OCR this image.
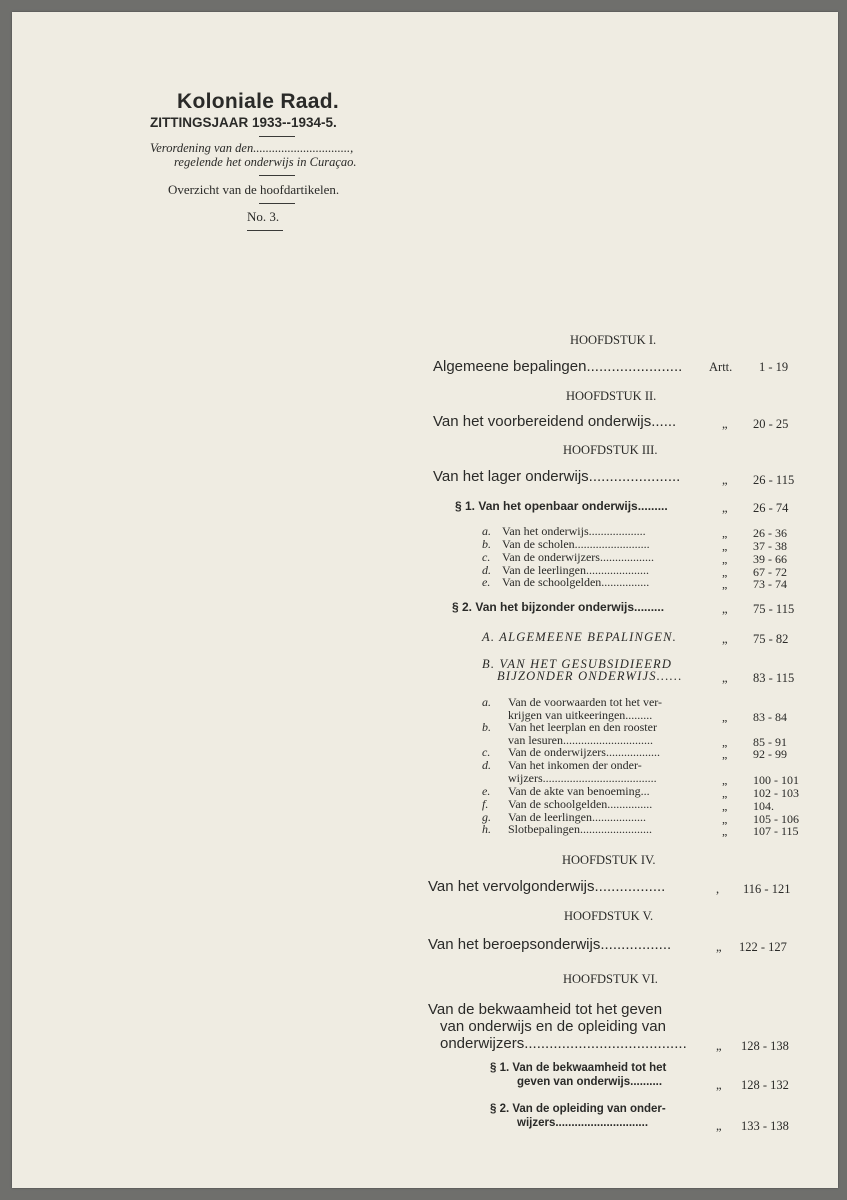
Koloniale Raad.
ZITTINGSJAAR 1933--1934-5.
Verordening van den...............................,
regelende het onderwijs in Curaçao.
Overzicht van de hoofdartikelen.
No. 3.
HOOFDSTUK I.
Algemeene bepalingen....................... Artt. 1 - 19
HOOFDSTUK II.
Van het voorbereidend onderwijs......	„ 20 - 25
HOOFDSTUK III.
Van het lager onderwijs......................	„ 26 - 115
§ 1. Van het openbaar onderwijs.........	„ 26 - 74
a. Van het onderwijs...................	„ 26 - 36
b. Van de scholen.........................	„ 37 - 38
c. Van de onderwijzers..................	„ 39 - 66
d. Van de leerlingen.....................	„ 67 - 72
e. Van de schoolgelden................	„ 73 - 74
§ 2. Van het bijzonder onderwijs.........	„ 75 - 115
A. ALGEMEENE BEPALINGEN.	„ 75 - 82
B. VAN HET GESUBSIDIEERD
BIJZONDER ONDERWIJS......	„ 83 - 115
a. Van de voorwaarden tot het ver-
krijgen van uitkeeringen.........	„ 83 - 84
b. Van het leerplan en den rooster
van lesuren..............................	„ 85 - 91
c. Van de onderwijzers..................	„ 92 - 99
d. Van het inkomen der onder-
wijzers......................................	„ 100 - 101
e. Van de akte van benoeming...	„ 102 - 103
f. Van de schoolgelden...............	„ 104.
g. Van de leerlingen..................	„ 105 - 106
h. Slotbepalingen........................	„ 107 - 115
HOOFDSTUK IV.
Van het vervolgonderwijs.................	, 116 - 121
HOOFDSTUK V.
Van het beroepsonderwijs.................	„ 122 - 127
HOOFDSTUK VI.
Van de bekwaamheid tot het geven
van onderwijs en de opleiding van
onderwijzers....................................... „ 128 - 138
§ 1. Van de bekwaamheid tot het
geven van onderwijs..........	„ 128 - 132
§ 2. Van de opleiding van onder-
wijzers.............................	„ 133 - 138
